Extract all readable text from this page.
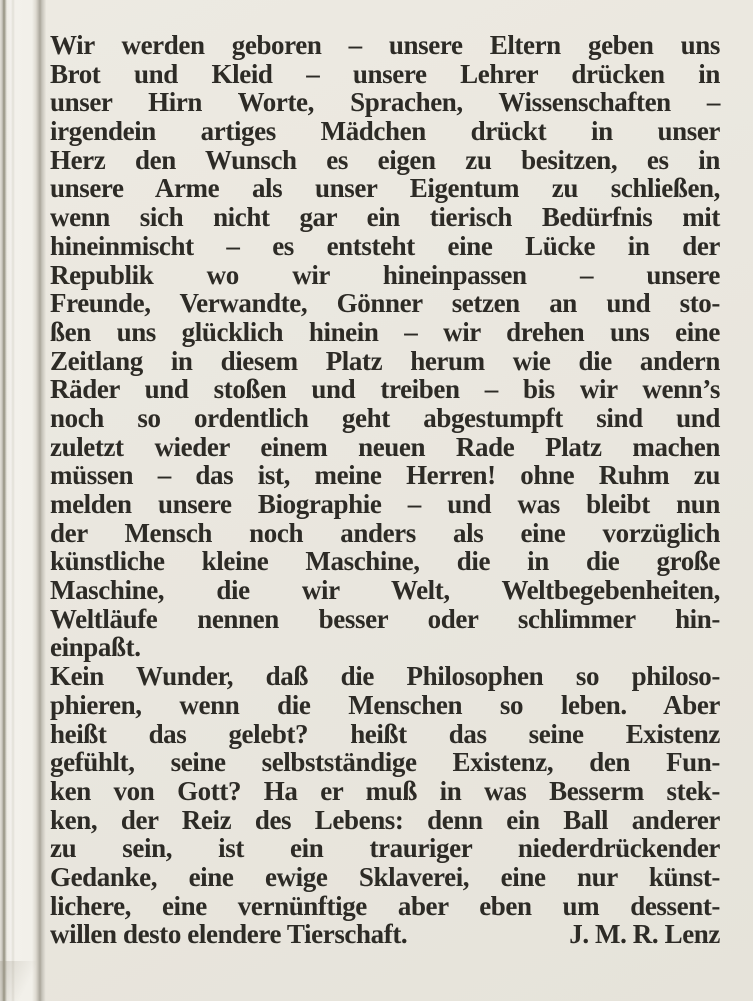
Wir werden geboren – unsere Eltern geben uns
Brot und Kleid – unsere Lehrer drücken in
unser Hirn Worte, Sprachen, Wissenschaften –
irgendein artiges Mädchen drückt in unser
Herz den Wunsch es eigen zu besitzen, es in
unsere Arme als unser Eigentum zu schließen,
wenn sich nicht gar ein tierisch Bedürfnis mit
hineinmischt – es entsteht eine Lücke in der
Republik wo wir hineinpassen – unsere
Freunde, Verwandte, Gönner setzen an und sto-
ßen uns glücklich hinein – wir drehen uns eine
Zeitlang in diesem Platz herum wie die andern
Räder und stoßen und treiben – bis wir wenn’s
noch so ordentlich geht abgestumpft sind und
zuletzt wieder einem neuen Rade Platz machen
müssen – das ist, meine Herren! ohne Ruhm zu
melden unsere Biographie – und was bleibt nun
der Mensch noch anders als eine vorzüglich
künstliche kleine Maschine, die in die große
Maschine, die wir Welt, Weltbegebenheiten,
Weltläufe nennen besser oder schlimmer hin-
einpaßt.
Kein Wunder, daß die Philosophen so philoso-
phieren, wenn die Menschen so leben. Aber
heißt das gelebt? heißt das seine Existenz
gefühlt, seine selbstständige Existenz, den Fun-
ken von Gott? Ha er muß in was Besserm stek-
ken, der Reiz des Lebens: denn ein Ball anderer
zu sein, ist ein trauriger niederdrückender
Gedanke, eine ewige Sklaverei, eine nur künst-
lichere, eine vernünftige aber eben um dessent-
willen desto elendere Tierschaft.	J. M. R. Lenz
